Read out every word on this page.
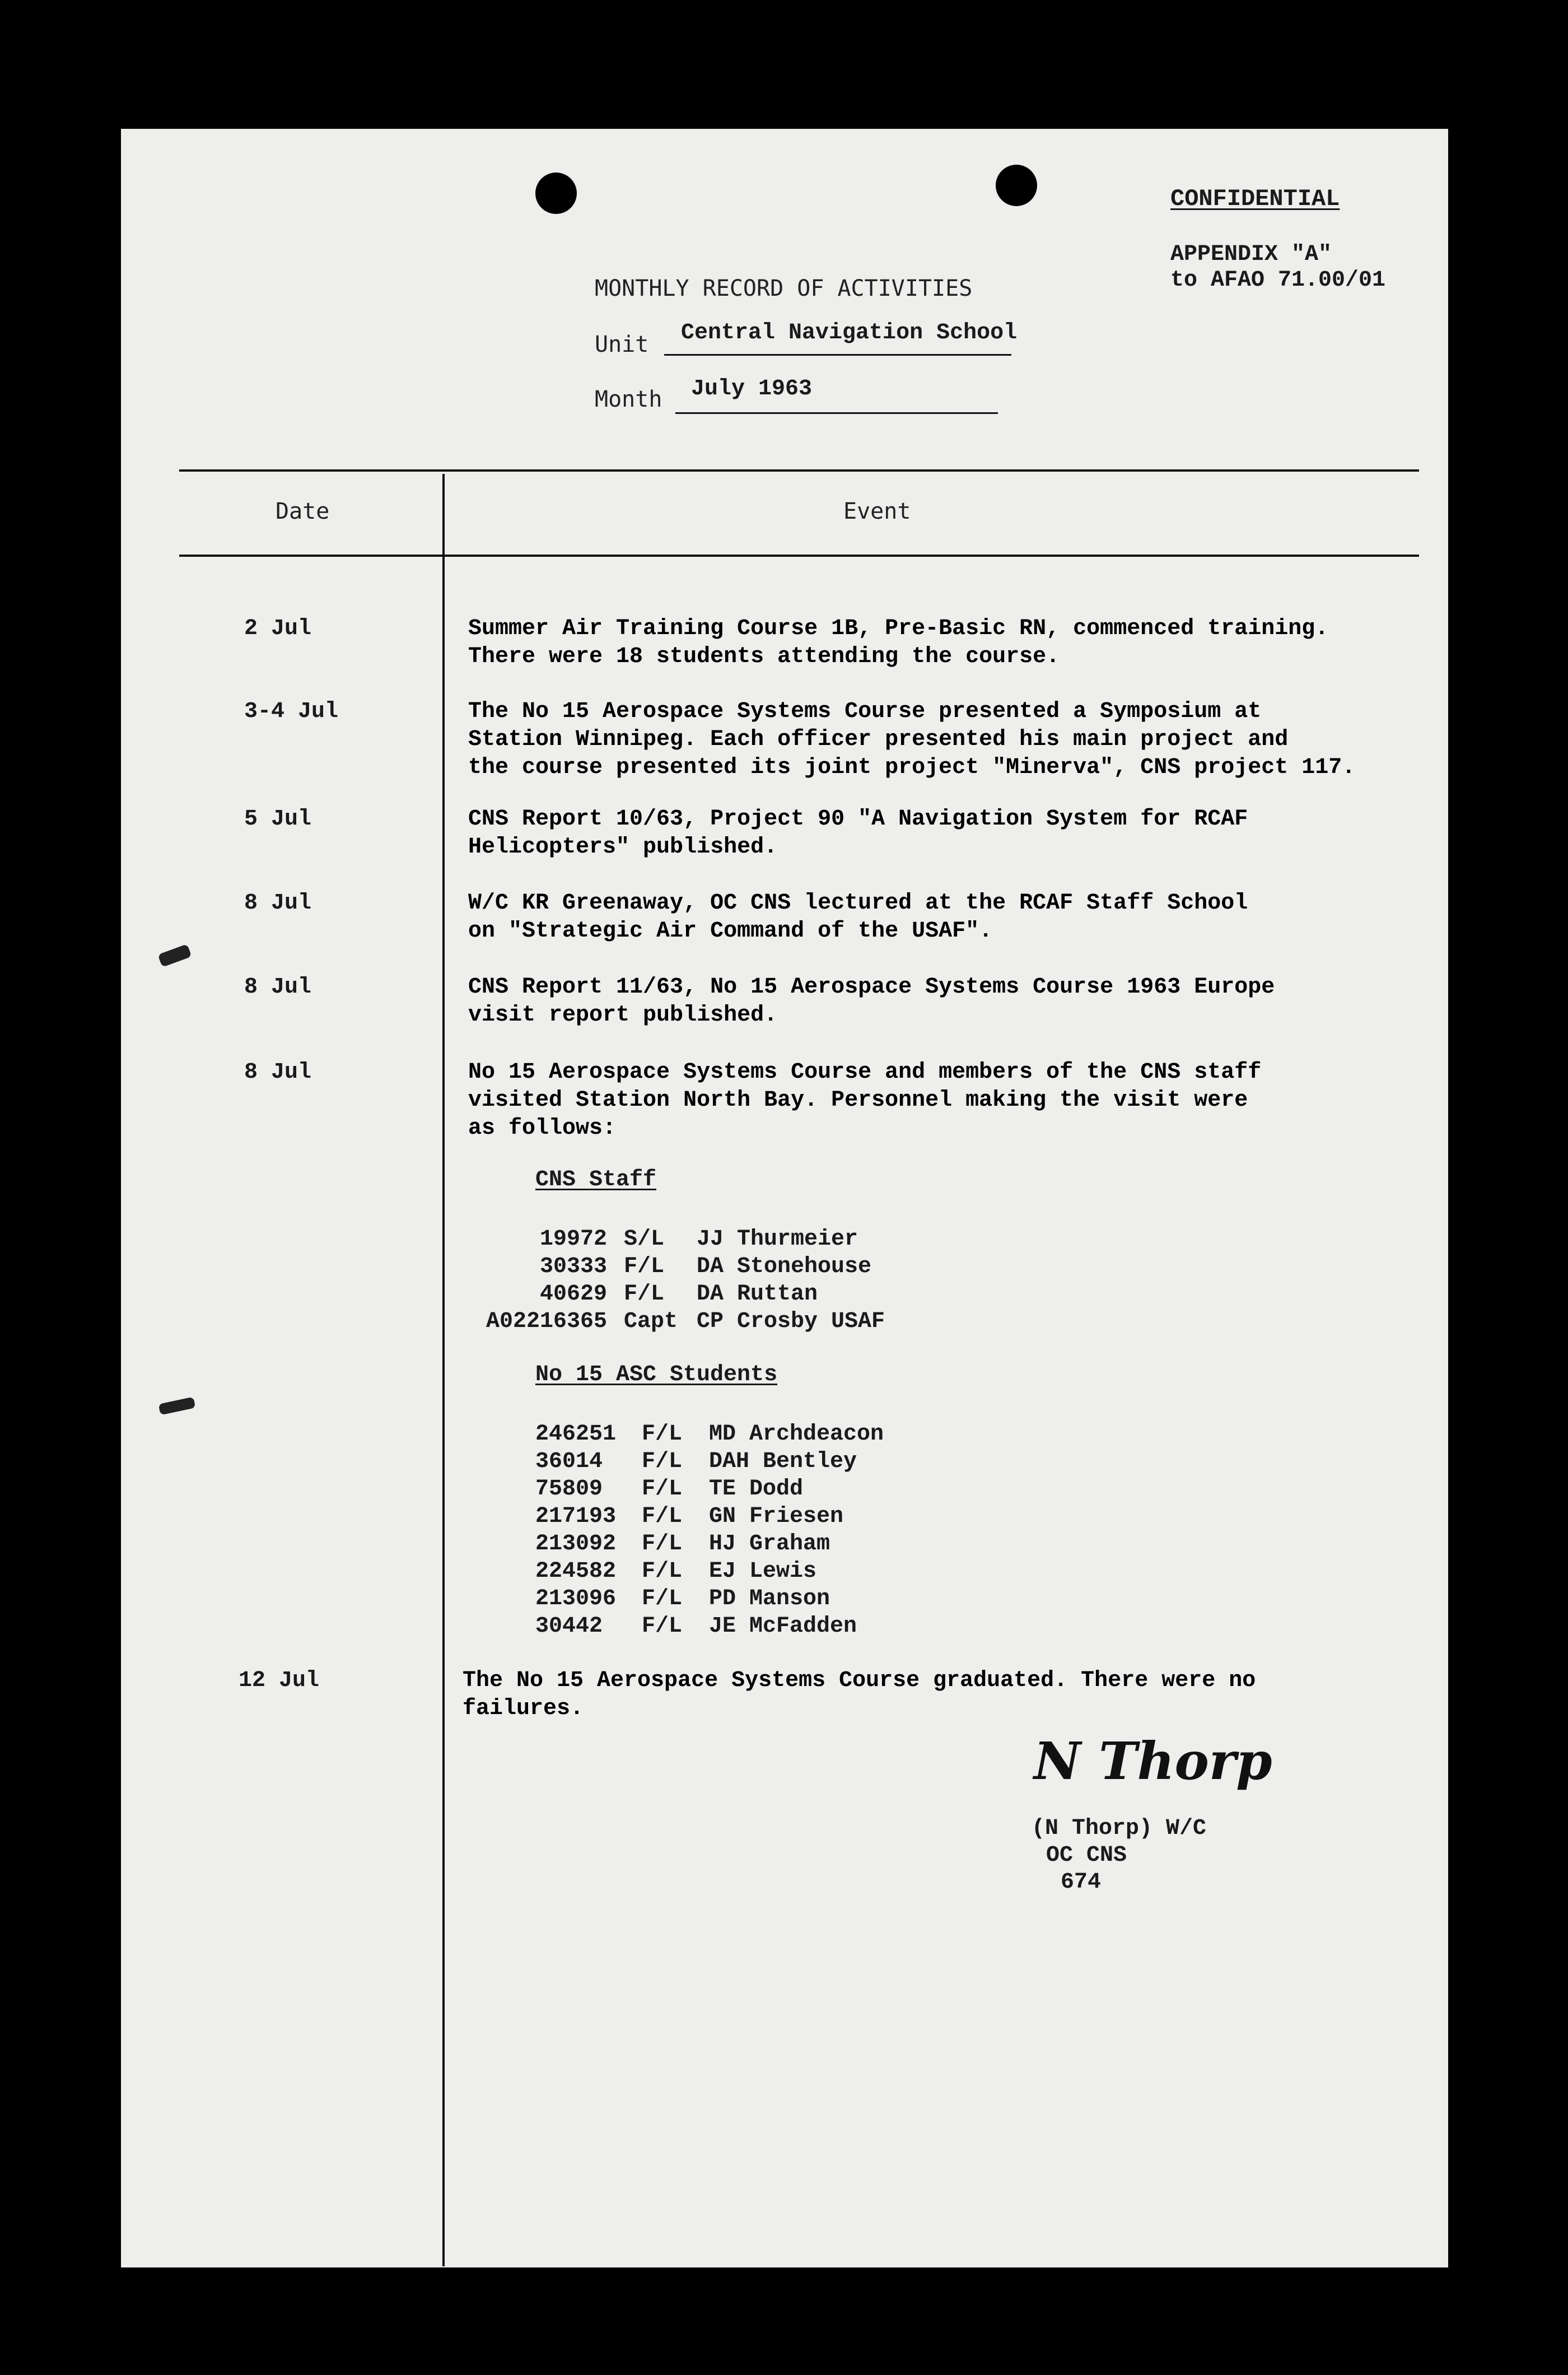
CONFIDENTIAL
APPENDIX "A"
to AFAO 71.00/01
MONTHLY RECORD OF ACTIVITIES
Unit Central Navigation School
Month July 1963
Date	Event
2 Jul	Summer Air Training Course 1B, Pre-Basic RN, commenced training.
There were 18 students attending the course.
3-4 Jul	The No 15 Aerospace Systems Course presented a Symposium at
Station Winnipeg. Each officer presented his main project and
the course presented its joint project "Minerva", CNS project 117.
5 Jul	CNS Report 10/63, Project 90 "A Navigation System for RCAF
Helicopters" published.
8 Jul	W/C KR Greenaway, OC CNS lectured at the RCAF Staff School
on "Strategic Air Command of the USAF".
8 Jul	CNS Report 11/63, No 15 Aerospace Systems Course 1963 Europe
visit report published.
8 Jul	No 15 Aerospace Systems Course and members of the CNS staff
visited Station North Bay. Personnel making the visit were
as follows:
CNS Staff
19972 S/L	JJ Thurmeier
30333 F/L	DA Stonehouse
40629 F/L	DA Ruttan
A02216365 Capt CP Crosby USAF
No 15 ASC Students
246251	F/L	MD Archdeacon
36014	F/L	DAH Bentley
75809	F/L	TE Dodd
217193	F/L	GN Friesen
213092	F/L	HJ Graham
224582	F/L	EJ Lewis
213096	F/L	PD Manson
30442	F/L	JE McFadden
12 Jul	The No 15 Aerospace Systems Course graduated. There were no
failures.
N Thorp
(N Thorp) W/C
OC CNS
674
